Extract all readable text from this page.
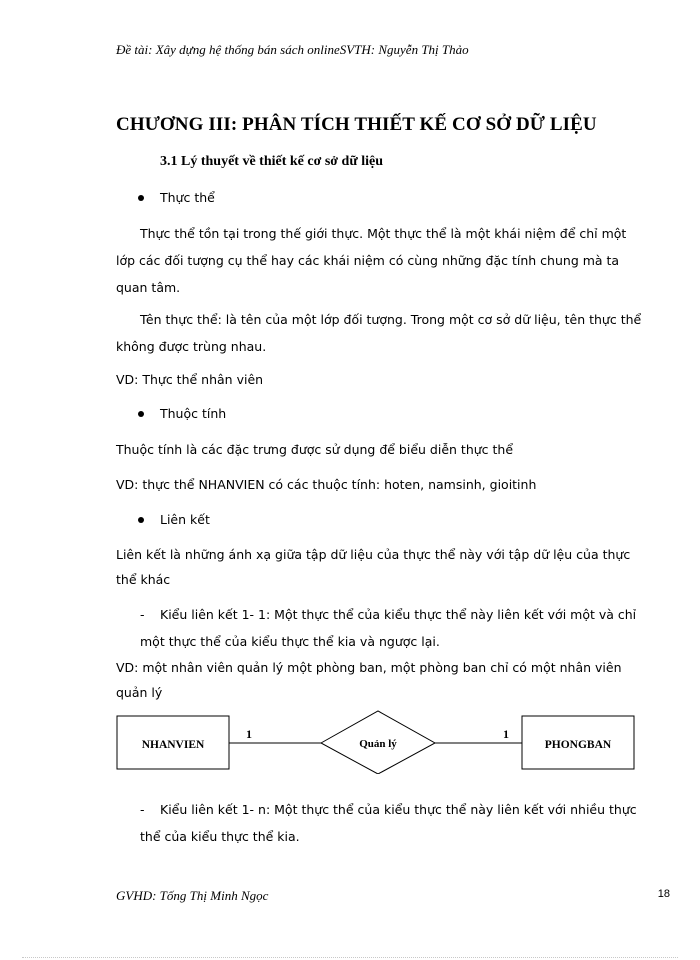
Đề tài: Xây dựng hệ thống bán sách onlineSVTH: Nguyễn Thị Thảo
CHƯƠNG III: PHÂN TÍCH THIẾT KẾ CƠ SỞ DỮ LIỆU
3.1 Lý thuyết về thiết kế cơ sở dữ liệu
Thực thể
Thực thể tồn tại trong thế giới thực. Một thực thể là một khái niệm để chỉ một
lớp các đối tượng cụ thể hay các khái niệm có cùng những đặc tính chung mà ta
quan tâm.
Tên thực thể: là tên của một lớp đối tượng. Trong một cơ sở dữ liệu, tên thực thể
không được trùng nhau.
VD: Thực thể nhân viên
Thuộc tính
Thuộc tính là các đặc trưng được sử dụng để biểu diễn thực thể
VD: thực thể NHANVIEN có các thuộc tính: hoten, namsinh, gioitinh
Liên kết
Liên kết là những ánh xạ giữa tập dữ liệu của thực thể này với tập dữ lệu của thực
thể khác
- Kiểu liên kết 1- 1: Một thực thể của kiểu thực thể này liên kết với một và chỉ
một thực thể của kiểu thực thể kia và ngược lại.
VD: một nhân viên quản lý một phòng ban, một phòng ban chỉ có một nhân viên
quản lý
NHANVIEN
1
Quản lý
1
PHONGBAN
- Kiểu liên kết 1- n: Một thực thể của kiểu thực thể này liên kết với nhiều thực
thể của kiểu thực thể kia.
GVHD: Tống Thị Minh Ngọc	18
